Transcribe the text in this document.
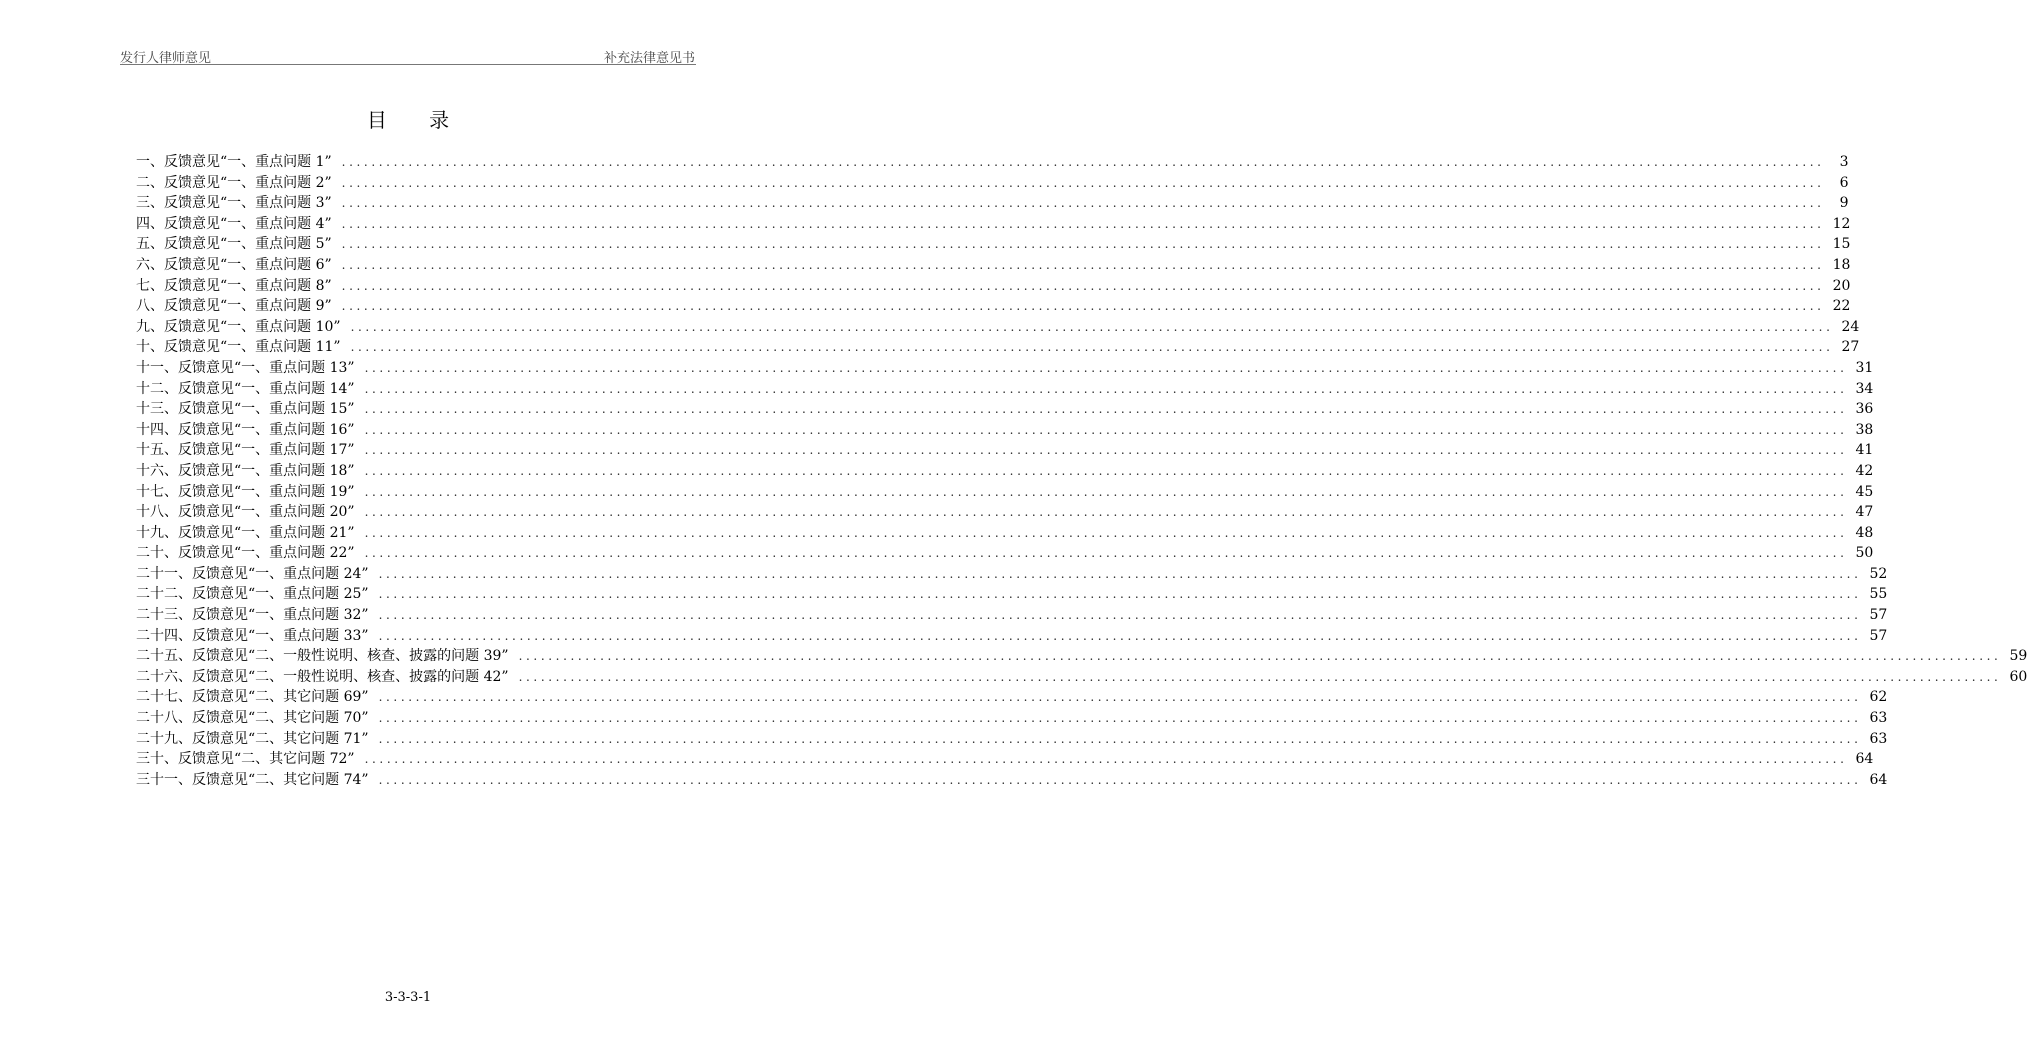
发行人律师意见	补充法律意见书
目 录
一、反馈意见“一、重点问题 1” ........................................................................................................................................................................................................	3
二、反馈意见“一、重点问题 2” ........................................................................................................................................................................................................	6
三、反馈意见“一、重点问题 3” ........................................................................................................................................................................................................	9
四、反馈意见“一、重点问题 4” ........................................................................................................................................................................................................ 12
五、反馈意见“一、重点问题 5” ........................................................................................................................................................................................................ 15
六、反馈意见“一、重点问题 6” ........................................................................................................................................................................................................ 18
七、反馈意见“一、重点问题 8” ........................................................................................................................................................................................................ 20
八、反馈意见“一、重点问题 9” ........................................................................................................................................................................................................ 22
九、反馈意见“一、重点问题 10” ........................................................................................................................................................................................................ 24
十、反馈意见“一、重点问题 11” ........................................................................................................................................................................................................ 27
十一、反馈意见“一、重点问题 13” ........................................................................................................................................................................................................ 31
十二、反馈意见“一、重点问题 14” ........................................................................................................................................................................................................ 34
十三、反馈意见“一、重点问题 15” ........................................................................................................................................................................................................ 36
十四、反馈意见“一、重点问题 16” ........................................................................................................................................................................................................ 38
十五、反馈意见“一、重点问题 17” ........................................................................................................................................................................................................ 41
十六、反馈意见“一、重点问题 18” ........................................................................................................................................................................................................ 42
十七、反馈意见“一、重点问题 19” ........................................................................................................................................................................................................ 45
十八、反馈意见“一、重点问题 20” ........................................................................................................................................................................................................ 47
十九、反馈意见“一、重点问题 21” ........................................................................................................................................................................................................ 48
二十、反馈意见“一、重点问题 22” ........................................................................................................................................................................................................ 50
二十一、反馈意见“一、重点问题 24” ........................................................................................................................................................................................................ 52
二十二、反馈意见“一、重点问题 25” ........................................................................................................................................................................................................ 55
二十三、反馈意见“一、重点问题 32” ........................................................................................................................................................................................................ 57
二十四、反馈意见“一、重点问题 33” ........................................................................................................................................................................................................ 57
二十五、反馈意见“二、一般性说明、核查、披露的问题 39” ........................................................................................................................................................................................................ 59
二十六、反馈意见“二、一般性说明、核查、披露的问题 42” ........................................................................................................................................................................................................ 60
二十七、反馈意见“二、其它问题 69” ........................................................................................................................................................................................................ 62
二十八、反馈意见“二、其它问题 70” ........................................................................................................................................................................................................ 63
二十九、反馈意见“二、其它问题 71” ........................................................................................................................................................................................................ 63
三十、反馈意见“二、其它问题 72” ........................................................................................................................................................................................................ 64
三十一、反馈意见“二、其它问题 74” ........................................................................................................................................................................................................ 64
3-3-3-1
